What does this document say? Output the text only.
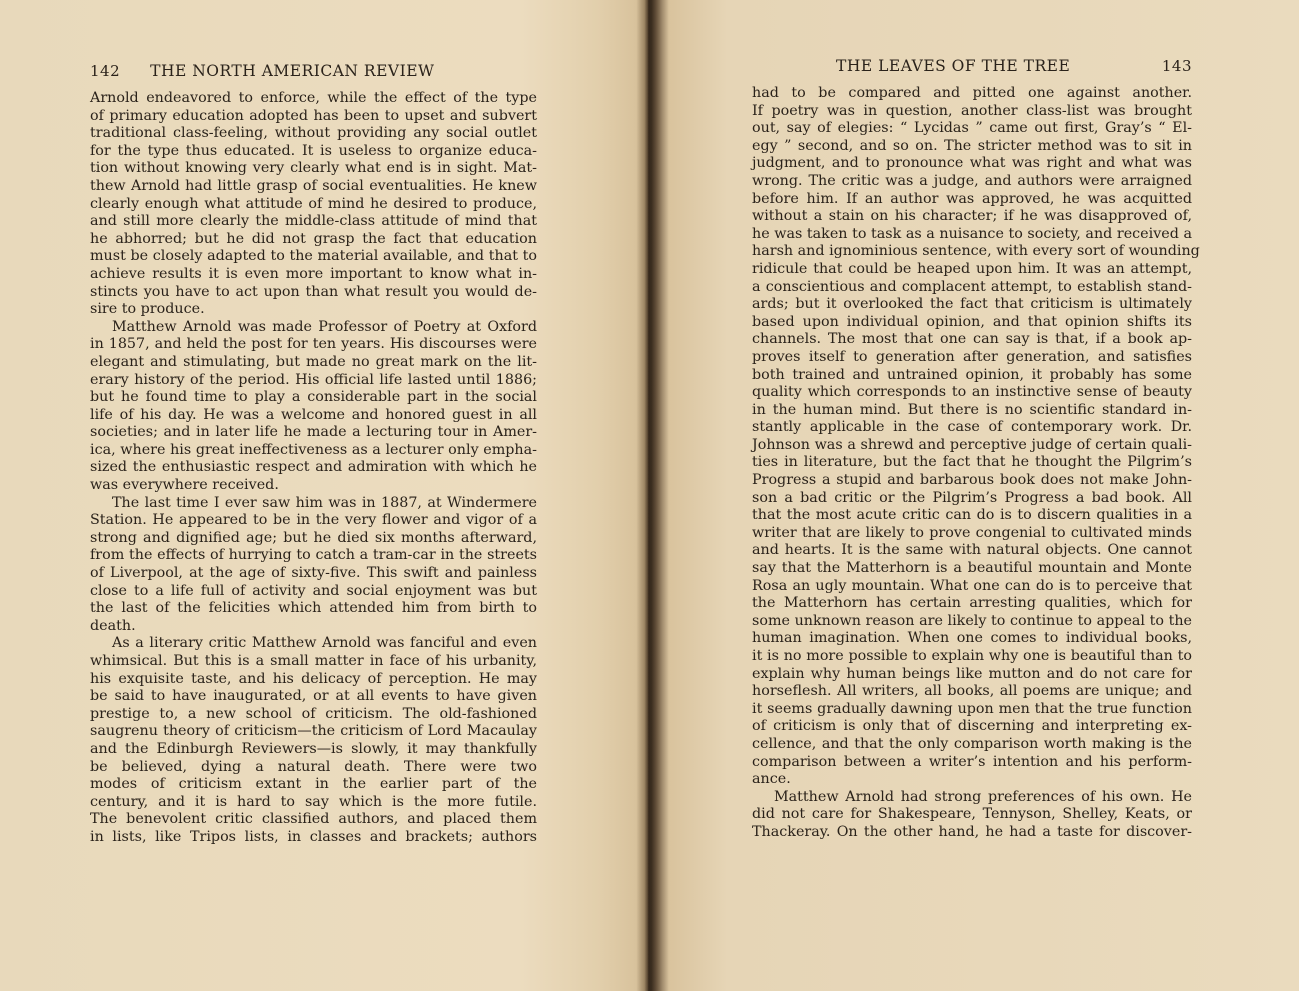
142	THE NORTH AMERICAN REVIEW
Arnold endeavored to enforce, while the effect of the type
of primary education adopted has been to upset and subvert
traditional class-feeling, without providing any social outlet
for the type thus educated. It is useless to organize educa-
tion without knowing very clearly what end is in sight. Mat-
thew Arnold had little grasp of social eventualities. He knew
clearly enough what attitude of mind he desired to produce,
and still more clearly the middle-class attitude of mind that
he abhorred; but he did not grasp the fact that education
must be closely adapted to the material available, and that to
achieve results it is even more important to know what in-
stincts you have to act upon than what result you would de-
sire to produce.
Matthew Arnold was made Professor of Poetry at Oxford
in 1857, and held the post for ten years. His discourses were
elegant and stimulating, but made no great mark on the lit-
erary history of the period. His official life lasted until 1886;
but he found time to play a considerable part in the social
life of his day. He was a welcome and honored guest in all
societies; and in later life he made a lecturing tour in Amer-
ica, where his great ineffectiveness as a lecturer only empha-
sized the enthusiastic respect and admiration with which he
was everywhere received.
The last time I ever saw him was in 1887, at Windermere
Station. He appeared to be in the very flower and vigor of a
strong and dignified age; but he died six months afterward,
from the effects of hurrying to catch a tram-car in the streets
of Liverpool, at the age of sixty-five. This swift and painless
close to a life full of activity and social enjoyment was but
the last of the felicities which attended him from birth to
death.
As a literary critic Matthew Arnold was fanciful and even
whimsical. But this is a small matter in face of his urbanity,
his exquisite taste, and his delicacy of perception. He may
be said to have inaugurated, or at all events to have given
prestige to, a new school of criticism. The old-fashioned
saugrenu theory of criticism—the criticism of Lord Macaulay
and the Edinburgh Reviewers—is slowly, it may thankfully
be believed, dying a natural death. There were two
modes of criticism extant in the earlier part of the
century, and it is hard to say which is the more futile.
The benevolent critic classified authors, and placed them
in lists, like Tripos lists, in classes and brackets; authors
THE LEAVES OF THE TREE	143
had to be compared and pitted one against another.
If poetry was in question, another class-list was brought
out, say of elegies: “ Lycidas ” came out first, Gray’s “ El-
egy ” second, and so on. The stricter method was to sit in
judgment, and to pronounce what was right and what was
wrong. The critic was a judge, and authors were arraigned
before him. If an author was approved, he was acquitted
without a stain on his character; if he was disapproved of,
he was taken to task as a nuisance to society, and received a
harsh and ignominious sentence, with every sort of wounding
ridicule that could be heaped upon him. It was an attempt,
a conscientious and complacent attempt, to establish stand-
ards; but it overlooked the fact that criticism is ultimately
based upon individual opinion, and that opinion shifts its
channels. The most that one can say is that, if a book ap-
proves itself to generation after generation, and satisfies
both trained and untrained opinion, it probably has some
quality which corresponds to an instinctive sense of beauty
in the human mind. But there is no scientific standard in-
stantly applicable in the case of contemporary work. Dr.
Johnson was a shrewd and perceptive judge of certain quali-
ties in literature, but the fact that he thought the Pilgrim’s
Progress a stupid and barbarous book does not make John-
son a bad critic or the Pilgrim’s Progress a bad book. All
that the most acute critic can do is to discern qualities in a
writer that are likely to prove congenial to cultivated minds
and hearts. It is the same with natural objects. One cannot
say that the Matterhorn is a beautiful mountain and Monte
Rosa an ugly mountain. What one can do is to perceive that
the Matterhorn has certain arresting qualities, which for
some unknown reason are likely to continue to appeal to the
human imagination. When one comes to individual books,
it is no more possible to explain why one is beautiful than to
explain why human beings like mutton and do not care for
horseflesh. All writers, all books, all poems are unique; and
it seems gradually dawning upon men that the true function
of criticism is only that of discerning and interpreting ex-
cellence, and that the only comparison worth making is the
comparison between a writer’s intention and his perform-
ance.
Matthew Arnold had strong preferences of his own. He
did not care for Shakespeare, Tennyson, Shelley, Keats, or
Thackeray. On the other hand, he had a taste for discover-
